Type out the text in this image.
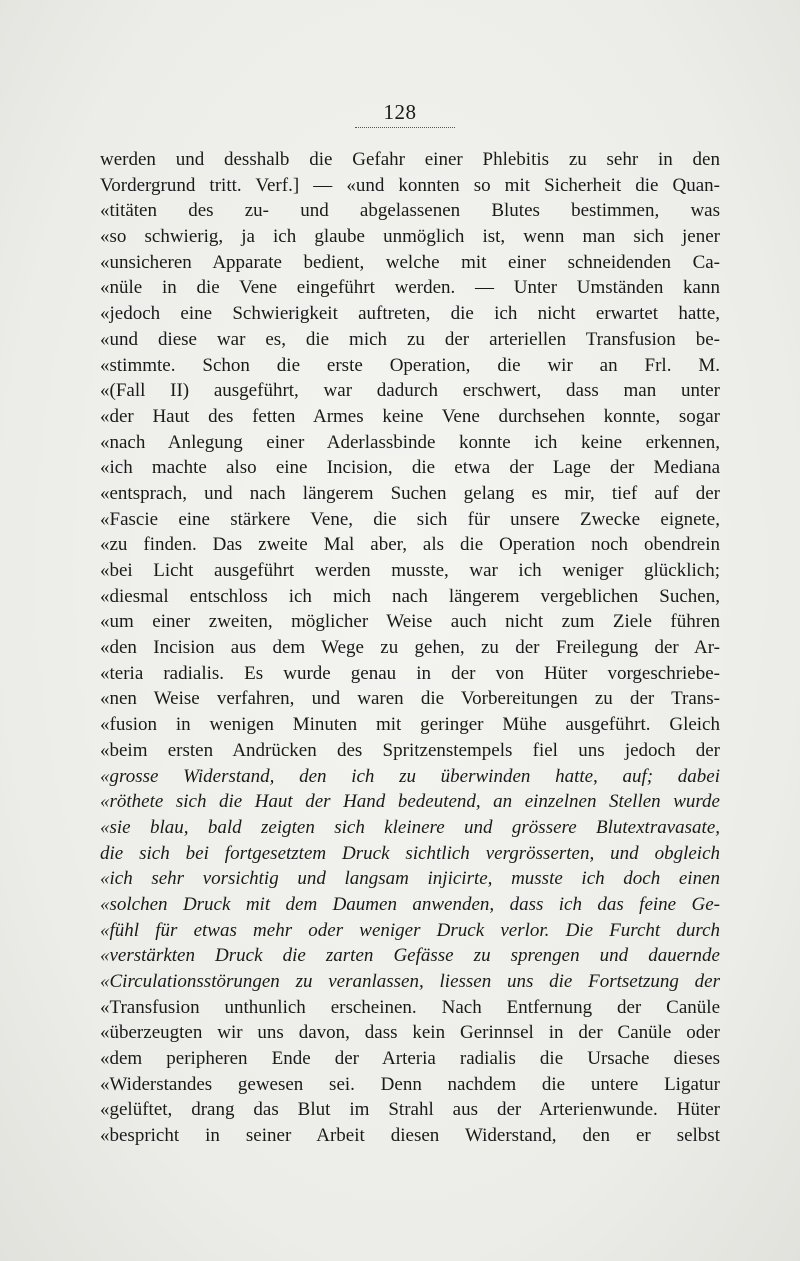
128
werden und desshalb die Gefahr einer Phlebitis zu sehr in den
Vordergrund tritt. Verf.] — «und konnten so mit Sicherheit die Quan-
«titäten des zu- und abgelassenen Blutes bestimmen, was
«so schwierig, ja ich glaube unmöglich ist, wenn man sich jener
«unsicheren Apparate bedient, welche mit einer schneidenden Ca-
«nüle in die Vene eingeführt werden. — Unter Umständen kann
«jedoch eine Schwierigkeit auftreten, die ich nicht erwartet hatte,
«und diese war es, die mich zu der arteriellen Transfusion be-
«stimmte. Schon die erste Operation, die wir an Frl. M.
«(Fall II) ausgeführt, war dadurch erschwert, dass man unter
«der Haut des fetten Armes keine Vene durchsehen konnte, sogar
«nach Anlegung einer Aderlassbinde konnte ich keine erkennen,
«ich machte also eine Incision, die etwa der Lage der Mediana
«entsprach, und nach längerem Suchen gelang es mir, tief auf der
«Fascie eine stärkere Vene, die sich für unsere Zwecke eignete,
«zu finden. Das zweite Mal aber, als die Operation noch obendrein
«bei Licht ausgeführt werden musste, war ich weniger glücklich;
«diesmal entschloss ich mich nach längerem vergeblichen Suchen,
«um einer zweiten, möglicher Weise auch nicht zum Ziele führen
«den Incision aus dem Wege zu gehen, zu der Freilegung der Ar-
«teria radialis. Es wurde genau in der von Hüter vorgeschriebe-
«nen Weise verfahren, und waren die Vorbereitungen zu der Trans-
«fusion in wenigen Minuten mit geringer Mühe ausgeführt. Gleich
«beim ersten Andrücken des Spritzenstempels fiel uns jedoch der
«grosse Widerstand, den ich zu überwinden hatte, auf; dabei
«röthete sich die Haut der Hand bedeutend, an einzelnen Stellen wurde
«sie blau, bald zeigten sich kleinere und grössere Blutextravasate,
die sich bei fortgesetztem Druck sichtlich vergrösserten, und obgleich
«ich sehr vorsichtig und langsam injicirte, musste ich doch einen
«solchen Druck mit dem Daumen anwenden, dass ich das feine Ge-
«fühl für etwas mehr oder weniger Druck verlor. Die Furcht durch
«verstärkten Druck die zarten Gefässe zu sprengen und dauernde
«Circulationsstörungen zu veranlassen, liessen uns die Fortsetzung der
«Transfusion unthunlich erscheinen. Nach Entfernung der Canüle
«überzeugten wir uns davon, dass kein Gerinnsel in der Canüle oder
«dem peripheren Ende der Arteria radialis die Ursache dieses
«Widerstandes gewesen sei. Denn nachdem die untere Ligatur
«gelüftet, drang das Blut im Strahl aus der Arterienwunde. Hüter
«bespricht in seiner Arbeit diesen Widerstand, den er selbst
